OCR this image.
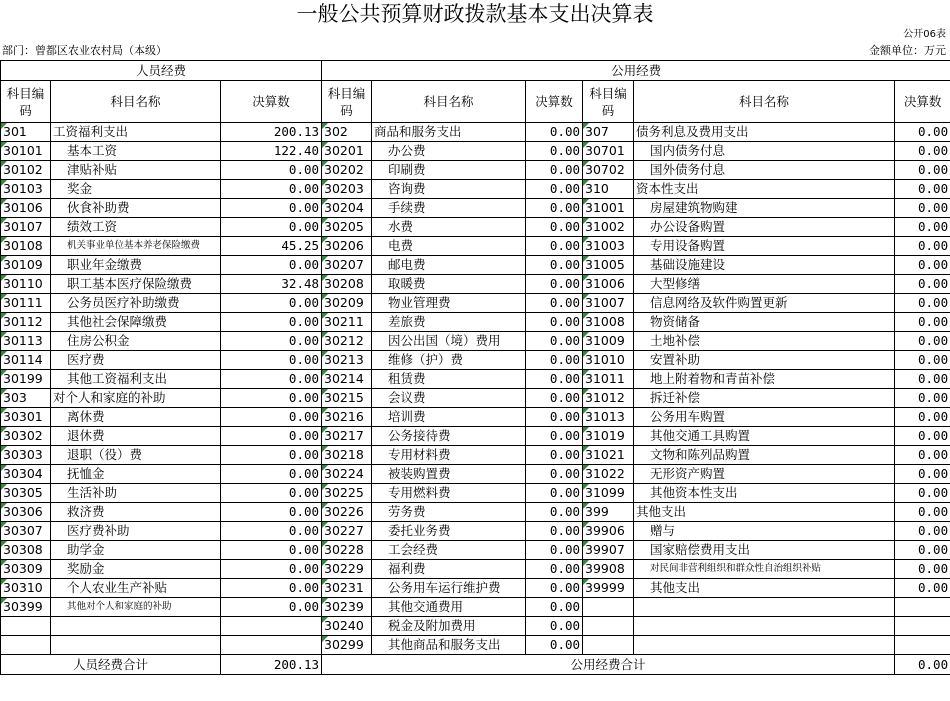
一般公共预算财政拨款基本支出决算表
公开06表
部门：曾都区农业农村局（本级）	金额单位：万元
人员经费			公用经费					
科目编码	科目名称	决算数	科目编码	科目名称	决算数	科目编码	科目名称	决算数
301	工资福利支出	200.13	302	商品和服务支出	0.00	307	债务利息及费用支出	0.00
30101	基本工资	122.40	30201	办公费	0.00	30701	国内债务付息	0.00
30102	津贴补贴	0.00	30202	印刷费	0.00	30702	国外债务付息	0.00
30103	奖金	0.00	30203	咨询费	0.00	310	资本性支出	0.00
30106	伙食补助费	0.00	30204	手续费	0.00	31001	房屋建筑物购建	0.00
30107	绩效工资	0.00	30205	水费	0.00	31002	办公设备购置	0.00
30108	机关事业单位基本养老保险缴费	45.25	30206	电费	0.00	31003	专用设备购置	0.00
30109	职业年金缴费	0.00	30207	邮电费	0.00	31005	基础设施建设	0.00
30110	职工基本医疗保险缴费	32.48	30208	取暖费	0.00	31006	大型修缮	0.00
30111	公务员医疗补助缴费	0.00	30209	物业管理费	0.00	31007	信息网络及软件购置更新	0.00
30112	其他社会保障缴费	0.00	30211	差旅费	0.00	31008	物资储备	0.00
30113	住房公积金	0.00	30212	因公出国（境）费用	0.00	31009	土地补偿	0.00
30114	医疗费	0.00	30213	维修（护）费	0.00	31010	安置补助	0.00
30199	其他工资福利支出	0.00	30214	租赁费	0.00	31011	地上附着物和青苗补偿	0.00
303	对个人和家庭的补助	0.00	30215	会议费	0.00	31012	拆迁补偿	0.00
30301	离休费	0.00	30216	培训费	0.00	31013	公务用车购置	0.00
30302	退休费	0.00	30217	公务接待费	0.00	31019	其他交通工具购置	0.00
30303	退职（役）费	0.00	30218	专用材料费	0.00	31021	文物和陈列品购置	0.00
30304	抚恤金	0.00	30224	被装购置费	0.00	31022	无形资产购置	0.00
30305	生活补助	0.00	30225	专用燃料费	0.00	31099	其他资本性支出	0.00
30306	救济费	0.00	30226	劳务费	0.00	399	其他支出	0.00
30307	医疗费补助	0.00	30227	委托业务费	0.00	39906	赠与	0.00
30308	助学金	0.00	30228	工会经费	0.00	39907	国家赔偿费用支出	0.00
30309	奖励金	0.00	30229	福利费	0.00	39908	对民间非营利组织和群众性自治组织补贴	0.00
30310	个人农业生产补贴	0.00	30231	公务用车运行维护费	0.00	39999	其他支出	0.00
30399	其他对个人和家庭的补助	0.00	30239	其他交通费用	0.00			
			30240	税金及附加费用	0.00			
			30299	其他商品和服务支出	0.00			
人员经费合计		200.13	公用经费合计					0.00
